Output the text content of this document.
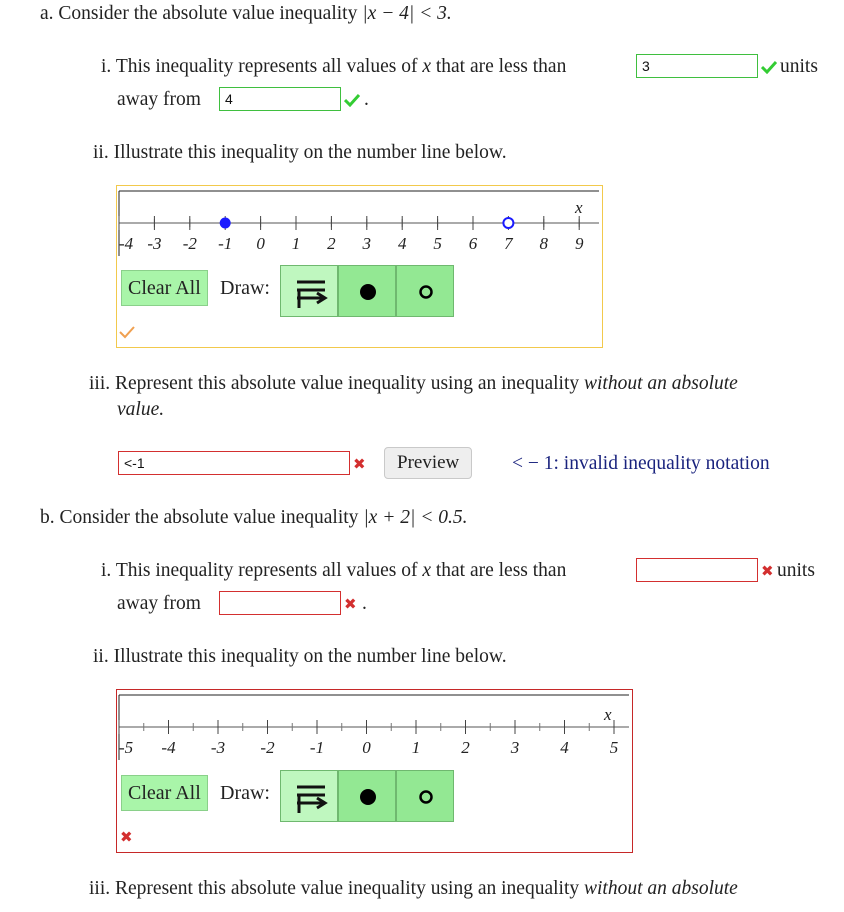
a. Consider the absolute value inequality |x − 4| < 3.
i. This inequality represents all values of x that are less than
3	units
away from
4	.
ii. Illustrate this inequality on the number line below.
-4 -3 -2 -1 0 1 2 3 4 5 6 7 8 9
x
Clear All Draw:
iii. Represent this absolute value inequality using an inequality without an absolute
value.
<-1
✖	Preview	< − 1: invalid inequality notation
b. Consider the absolute value inequality |x + 2| < 0.5.
i. This inequality represents all values of x that are less than	✖ units
away from	✖ .
ii. Illustrate this inequality on the number line below.
-5 -4 -3 -2 -1 0 1 2 3 4 5
x
Clear All Draw:
✖
iii. Represent this absolute value inequality using an inequality without an absolute
